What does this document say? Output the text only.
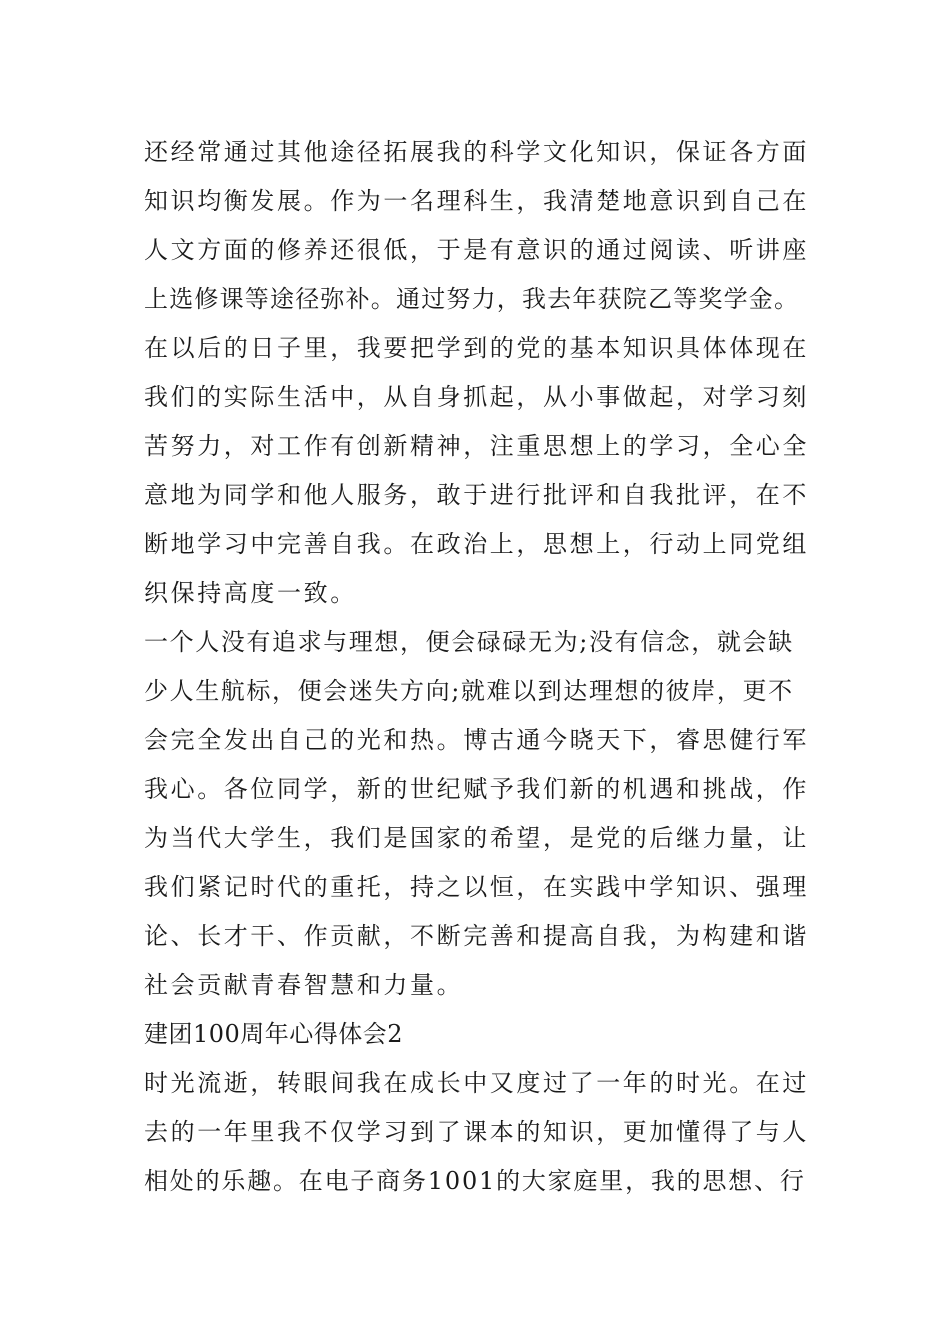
还经常通过其他途径拓展我的科学文化知识，保证各方面
知识均衡发展。作为一名理科生，我清楚地意识到自己在
人文方面的修养还很低，于是有意识的通过阅读、听讲座
上选修课等途径弥补。通过努力，我去年获院乙等奖学金。
在以后的日子里，我要把学到的党的基本知识具体体现在
我们的实际生活中，从自身抓起，从小事做起，对学习刻
苦努力，对工作有创新精神，注重思想上的学习，全心全
意地为同学和他人服务，敢于进行批评和自我批评，在不
断地学习中完善自我。在政治上，思想上，行动上同党组
织保持高度一致。
一个人没有追求与理想，便会碌碌无为;没有信念，就会缺
少人生航标，便会迷失方向;就难以到达理想的彼岸，更不
会完全发出自己的光和热。博古通今晓天下，睿思健行军
我心。各位同学，新的世纪赋予我们新的机遇和挑战，作
为当代大学生，我们是国家的希望，是党的后继力量，让
我们紧记时代的重托，持之以恒，在实践中学知识、强理
论、长才干、作贡献，不断完善和提高自我，为构建和谐
社会贡献青春智慧和力量。
建团100周年心得体会2
时光流逝，转眼间我在成长中又度过了一年的时光。在过
去的一年里我不仅学习到了课本的知识，更加懂得了与人
相处的乐趣。在电子商务1001的大家庭里，我的思想、行
